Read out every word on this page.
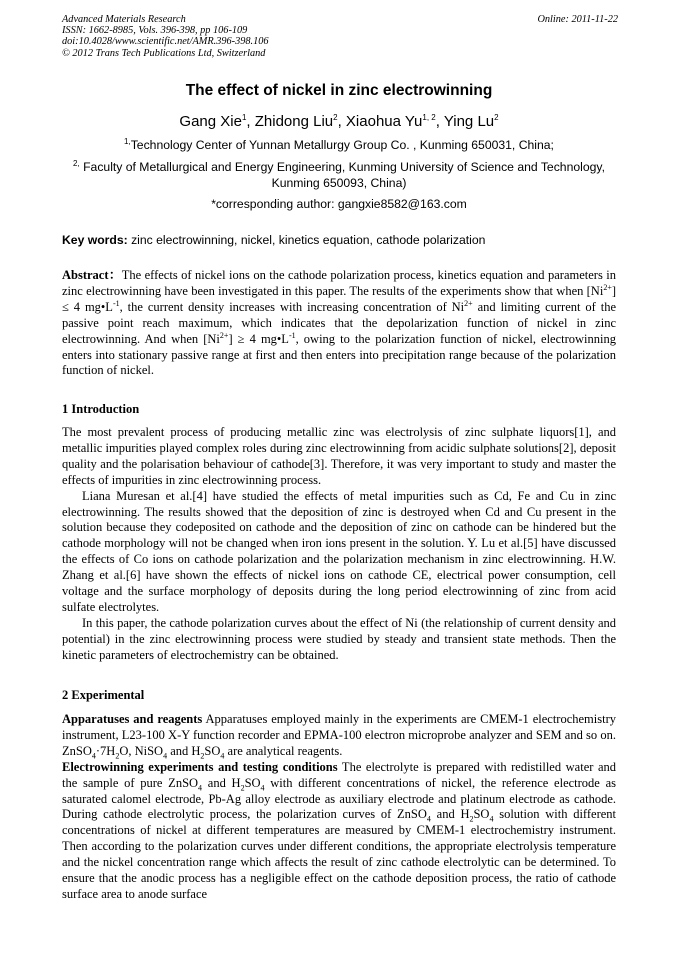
Advanced Materials Research
ISSN: 1662-8985, Vols. 396-398, pp 106-109
doi:10.4028/www.scientific.net/AMR.396-398.106
© 2012 Trans Tech Publications Ltd, Switzerland
Online: 2011-11-22
The effect of nickel in zinc electrowinning
Gang Xie$^1$, Zhidong Liu$^2$, Xiaohua Yu$^{1, 2}$, Ying Lu$^2$
$^{1,}$Technology Center of Yunnan Metallurgy Group Co. , Kunming 650031, China;
$^{2,}$ Faculty of Metallurgical and Energy Engineering, Kunming University of Science and Technology, Kunming 650093, China)
*corresponding author: gangxie8582@163.com
Key words: zinc electrowinning, nickel, kinetics equation, cathode polarization

Abstract：The effects of nickel ions on the cathode polarization process, kinetics equation and parameters in zinc electrowinning have been investigated in this paper. The results of the experiments show that when $[Ni^{2+}] \le 4$ $mg•L^{-1}$, the current density increases with increasing concentration of $Ni^{2+}$ and limiting current of the passive point reach maximum, which indicates that the depolarization function of nickel in zinc electrowinning. And when $[Ni^{2+}] \ge 4$ $mg•L^{-1}$, owing to the polarization function of nickel, electrowinning enters into stationary passive range at first and then enters into precipitation range because of the polarization function of nickel.

1 Introduction

The most prevalent process of producing metallic zinc was electrolysis of zinc sulphate liquors[1], and metallic impurities played complex roles during zinc electrowinning from acidic sulphate solutions[2], deposit quality and the polarisation behaviour of cathode[3]. Therefore, it was very important to study and master the effects of impurities in zinc electrowinning process.

Liana Muresan et al.[4] have studied the effects of metal impurities such as Cd, Fe and Cu in zinc electrowinning. The results showed that the deposition of zinc is destroyed when Cd and Cu present in the solution because they codeposited on cathode and the deposition of zinc on cathode can be hindered but the cathode morphology will not be changed when iron ions present in the solution. Y. Lu et al.[5] have discussed the effects of Co ions on cathode polarization and the polarization mechanism in zinc electrowinning. H.W. Zhang et al.[6] have shown the effects of nickel ions on cathode CE, electrical power consumption, cell voltage and the surface morphology of deposits during the long period electrowinning of zinc from acid sulfate electrolytes.

In this paper, the cathode polarization curves about the effect of Ni (the relationship of current density and potential) in the zinc electrowinning process were studied by steady and transient state methods. Then the kinetic parameters of electrochemistry can be obtained.

2 Experimental

Apparatuses and reagents Apparatuses employed mainly in the experiments are CMEM-1 electrochemistry instrument, L23-100 X-Y function recorder and EPMA-100 electron microprobe analyzer and SEM and so on. $ZnSO_4\cdot 7H_2O$, NiSO$_4$ and $H_2SO_4$ are analytical reagents.

Electrowinning experiments and testing conditions The electrolyte is prepared with redistilled water and the sample of pure ZnSO$_4$ and $H_2SO_4$ with different concentrations of nickel, the reference electrode as saturated calomel electrode, Pb-Ag alloy electrode as auxiliary electrode and platinum electrode as cathode. During cathode electrolytic process, the polarization curves of ZnSO$_4$ and $H_2SO_4$ solution with different concentrations of nickel at different temperatures are measured by CMEM-1 electrochemistry instrument. Then according to the polarization curves under different conditions, the appropriate electrolysis temperature and the nickel concentration range which affects the result of zinc cathode electrolytic can be determined. To ensure that the anodic process has a negligible effect on the cathode deposition process, the ratio of cathode surface area to anode surface
